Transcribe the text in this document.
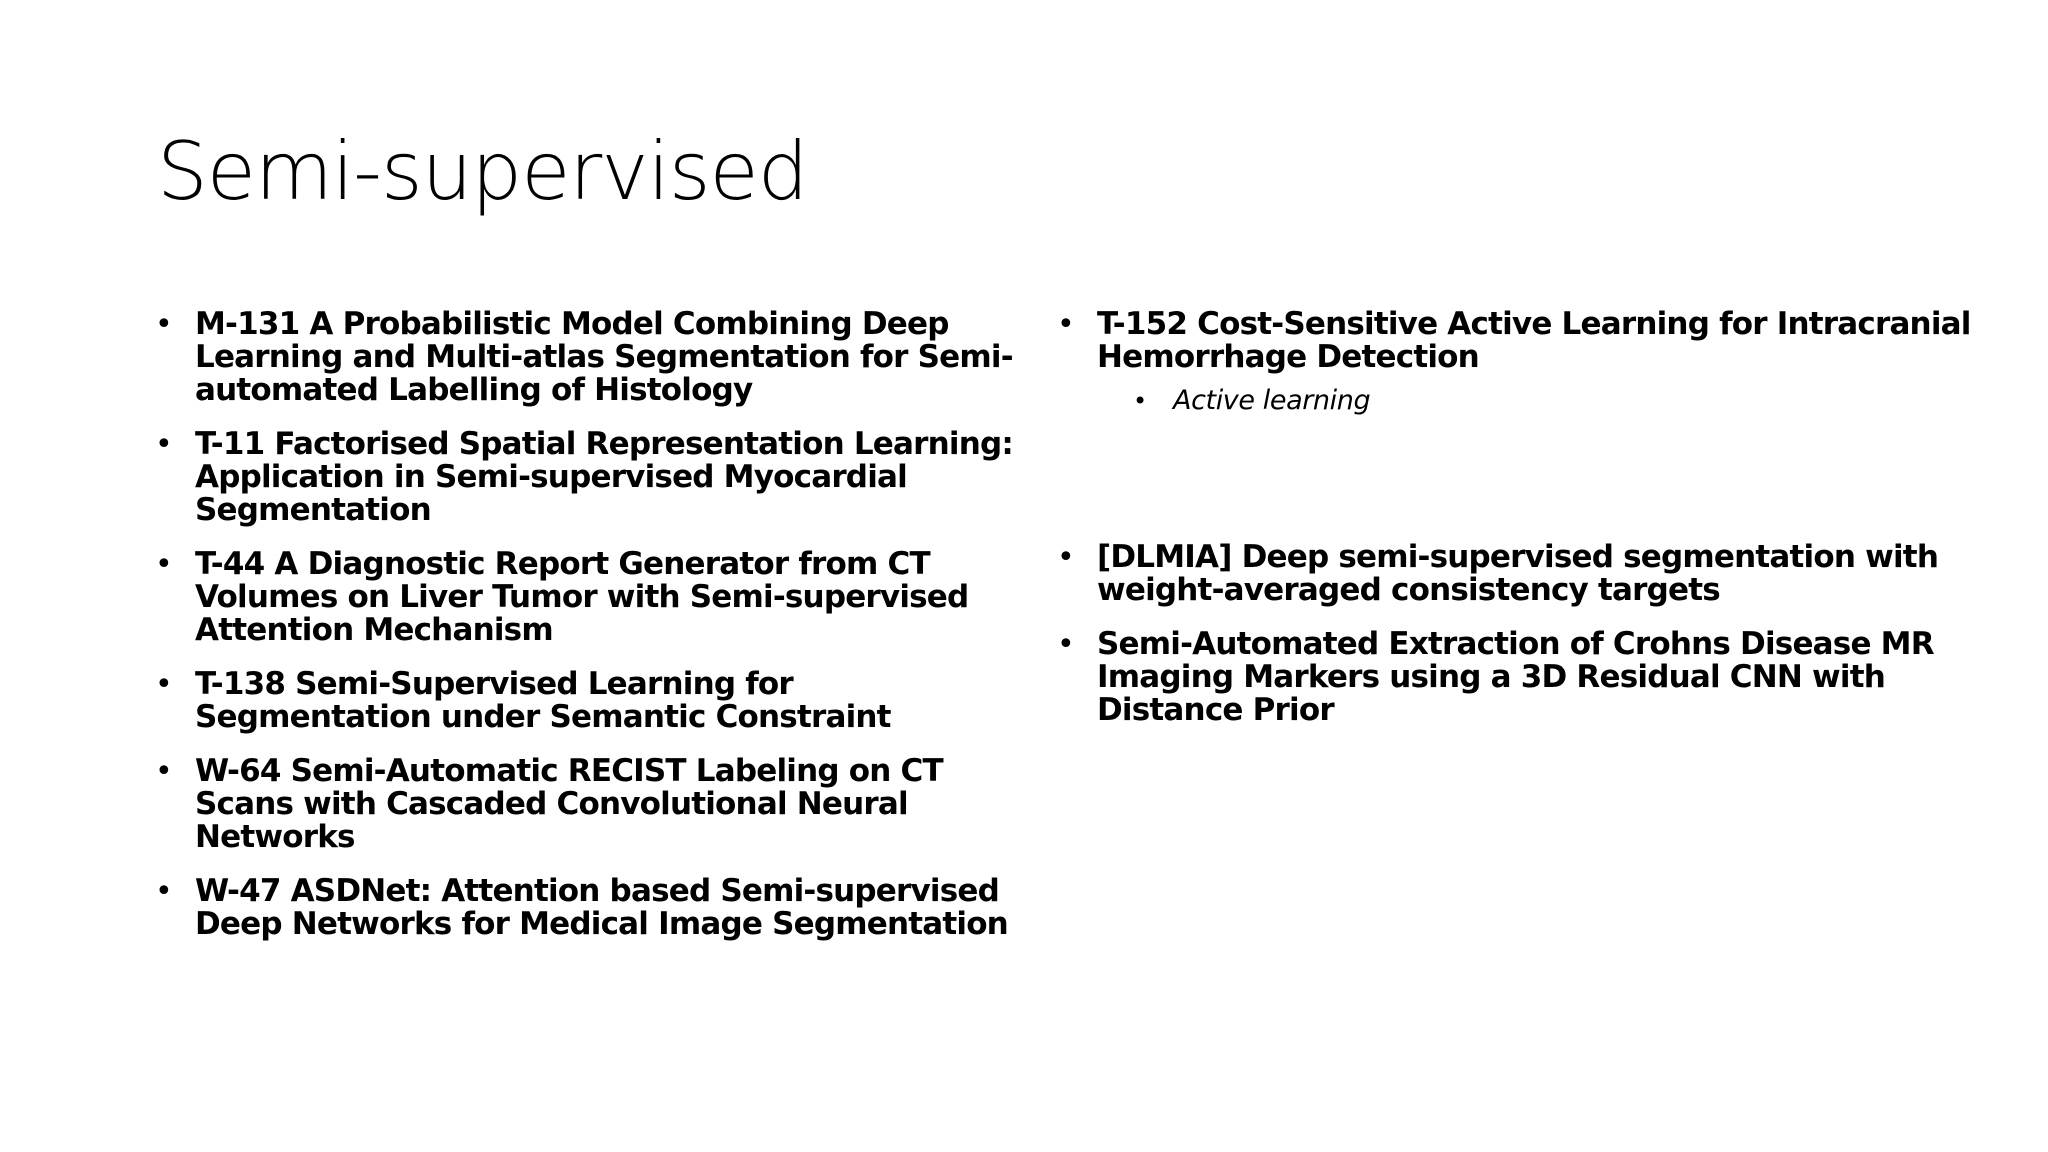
Semi-supervised
• M-131 A Probabilistic Model Combining Deep Learning and Multi-atlas Segmentation for Semi-automated Labelling of Histology
• T-11 Factorised Spatial Representation Learning: Application in Semi-supervised Myocardial Segmentation
• T-44 A Diagnostic Report Generator from CT Volumes on Liver Tumor with Semi-supervised Attention Mechanism
• T-138 Semi-Supervised Learning for Segmentation under Semantic Constraint
• W-64 Semi-Automatic RECIST Labeling on CT Scans with Cascaded Convolutional Neural Networks
• W-47 ASDNet: Attention based Semi-supervised Deep Networks for Medical Image Segmentation
• T-152 Cost-Sensitive Active Learning for Intracranial Hemorrhage Detection
• Active learning
• [DLMIA] Deep semi-supervised segmentation with weight-averaged consistency targets
• Semi-Automated Extraction of Crohns Disease MR Imaging Markers using a 3D Residual CNN with Distance Prior
